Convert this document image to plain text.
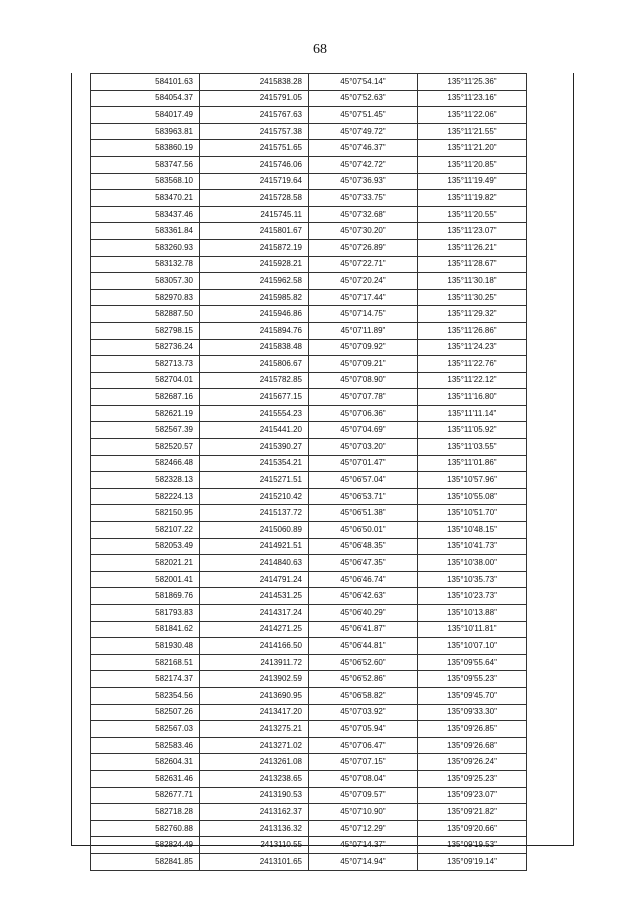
68
584101.63	2415838.28	45°07'54.14"	135°11'25.36"
584054.37	2415791.05	45°07'52.63"	135°11'23.16"
584017.49	2415767.63	45°07'51.45"	135°11'22.06"
583963.81	2415757.38	45°07'49.72"	135°11'21.55"
583860.19	2415751.65	45°07'46.37"	135°11'21.20"
583747.56	2415746.06	45°07'42.72"	135°11'20.85"
583568.10	2415719.64	45°07'36.93"	135°11'19.49"
583470.21	2415728.58	45°07'33.75"	135°11'19.82"
583437.46	2415745.11	45°07'32.68"	135°11'20.55"
583361.84	2415801.67	45°07'30.20"	135°11'23.07"
583260.93	2415872.19	45°07'26.89"	135°11'26.21"
583132.78	2415928.21	45°07'22.71"	135°11'28.67"
583057.30	2415962.58	45°07'20.24"	135°11'30.18"
582970.83	2415985.82	45°07'17.44"	135°11'30.25"
582887.50	2415946.86	45°07'14.75"	135°11'29.32"
582798.15	2415894.76	45°07'11.89"	135°11'26.86"
582736.24	2415838.48	45°07'09.92"	135°11'24.23"
582713.73	2415806.67	45°07'09.21"	135°11'22.76"
582704.01	2415782.85	45°07'08.90"	135°11'22.12"
582687.16	2415677.15	45°07'07.78"	135°11'16.80"
582621.19	2415554.23	45°07'06.36"	135°11'11.14"
582567.39	2415441.20	45°07'04.69"	135°11'05.92"
582520.57	2415390.27	45°07'03.20"	135°11'03.55"
582466.48	2415354.21	45°07'01.47"	135°11'01.86"
582328.13	2415271.51	45°06'57.04"	135°10'57.96"
582224.13	2415210.42	45°06'53.71"	135°10'55.08"
582150.95	2415137.72	45°06'51.38"	135°10'51.70"
582107.22	2415060.89	45°06'50.01"	135°10'48.15"
582053.49	2414921.51	45°06'48.35"	135°10'41.73"
582021.21	2414840.63	45°06'47.35"	135°10'38.00"
582001.41	2414791.24	45°06'46.74"	135°10'35.73"
581869.76	2414531.25	45°06'42.63"	135°10'23.73"
581793.83	2414317.24	45°06'40.29"	135°10'13.88"
581841.62	2414271.25	45°06'41.87"	135°10'11.81"
581930.48	2414166.50	45°06'44.81"	135°10'07.10"
582168.51	2413911.72	45°06'52.60"	135°09'55.64"
582174.37	2413902.59	45°06'52.86"	135°09'55.23"
582354.56	2413690.95	45°06'58.82"	135°09'45.70"
582507.26	2413417.20	45°07'03.92"	135°09'33.30"
582567.03	2413275.21	45°07'05.94"	135°09'26.85"
582583.46	2413271.02	45°07'06.47"	135°09'26.68"
582604.31	2413261.08	45°07'07.15"	135°09'26.24"
582631.46	2413238.65	45°07'08.04"	135°09'25.23"
582677.71	2413190.53	45°07'09.57"	135°09'23.07"
582718.28	2413162.37	45°07'10.90"	135°09'21.82"
582760.88	2413136.32	45°07'12.29"	135°09'20.66"
582824.49	2413110.55	45°07'14.37"	135°09'19.53"
582841.85	2413101.65	45°07'14.94"	135°09'19.14"
